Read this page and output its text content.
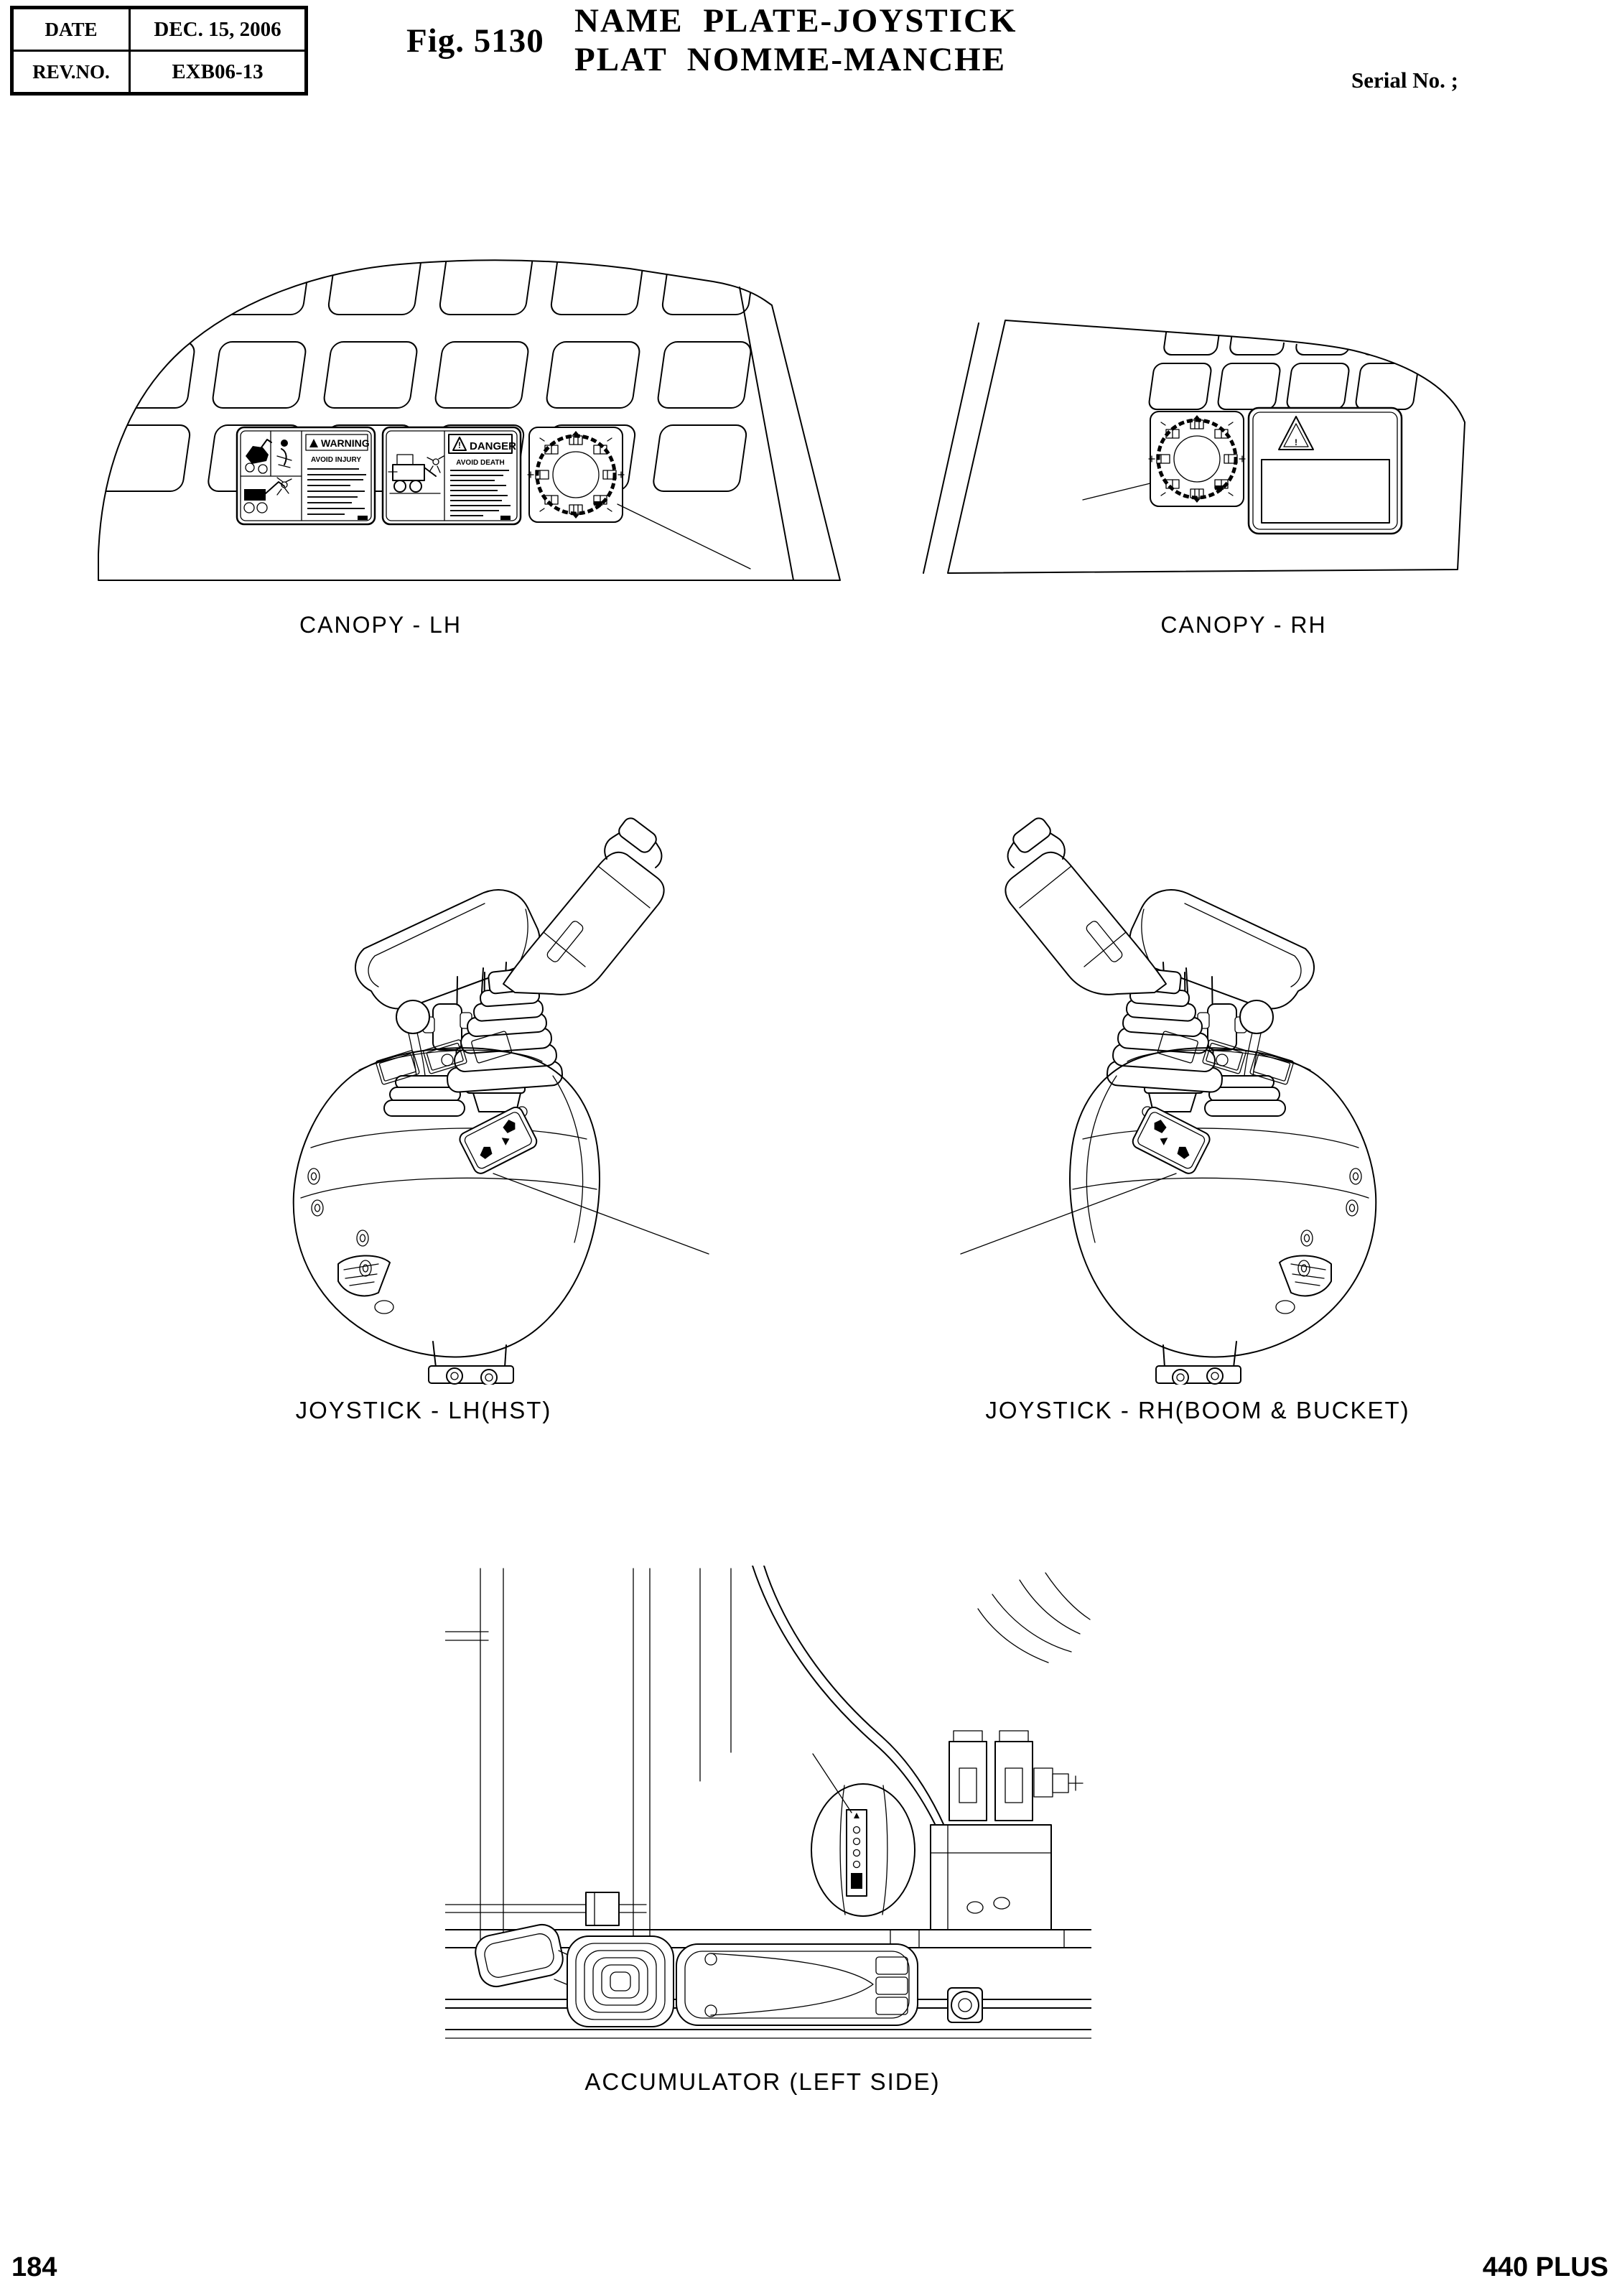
DATE	DEC. 15, 2006
REV.NO.	EXB06-13
Fig. 5130
NAME PLATE-JOYSTICK
PLAT NOMME-MANCHE
Serial No. ;
WARNING
AVOID INJURY
! DANGER
AVOID DEATH
!
CANOPY - LH	CANOPY - RH
JOYSTICK - LH(HST)	JOYSTICK - RH(BOOM & BUCKET)
ACCUMULATOR (LEFT SIDE)
184	440 PLUS
